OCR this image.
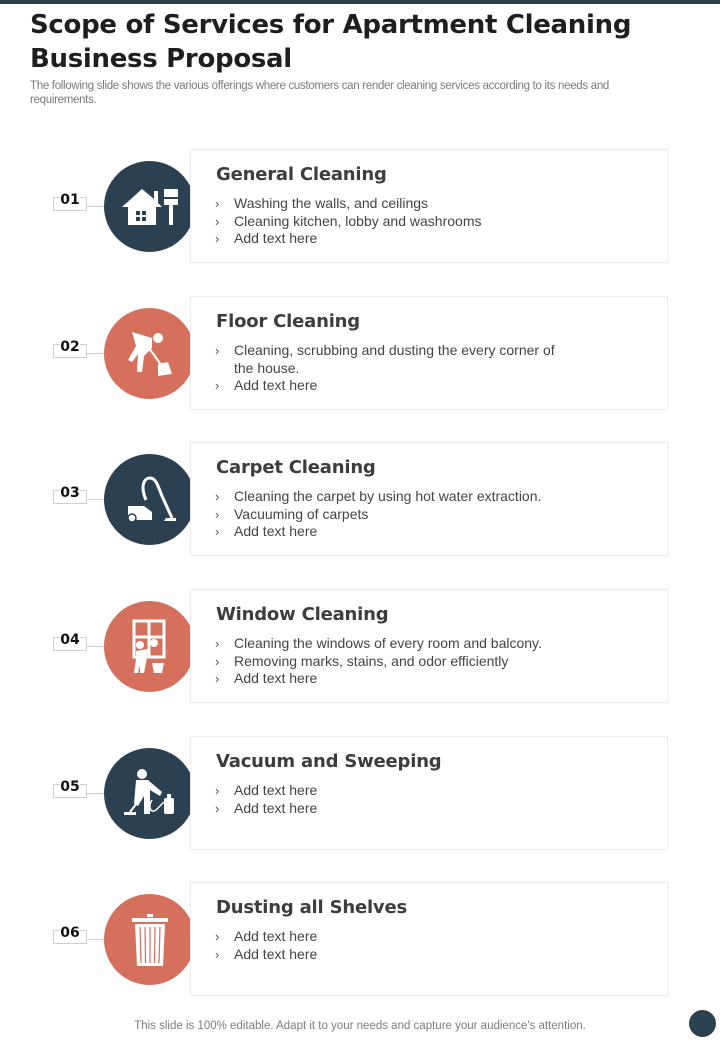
Scope of Services for Apartment Cleaning Business Proposal

The following slide shows the various offerings where customers can render cleaning services according to its needs and requirements.

01
General Cleaning
› Washing the walls, and ceilings
› Cleaning kitchen, lobby and washrooms
› Add text here
02
Floor Cleaning
› Cleaning, scrubbing and dusting the every corner of the house.
› Add text here
03
Carpet Cleaning
› Cleaning the carpet by using hot water extraction.
› Vacuuming of carpets
› Add text here
04
Window Cleaning
› Cleaning the windows of every room and balcony.
› Removing marks, stains, and odor efficiently
› Add text here
05
Vacuum and Sweeping
› Add text here
› Add text here
06
Dusting all Shelves
› Add text here
› Add text here
This slide is 100% editable. Adapt it to your needs and capture your audience's attention.
